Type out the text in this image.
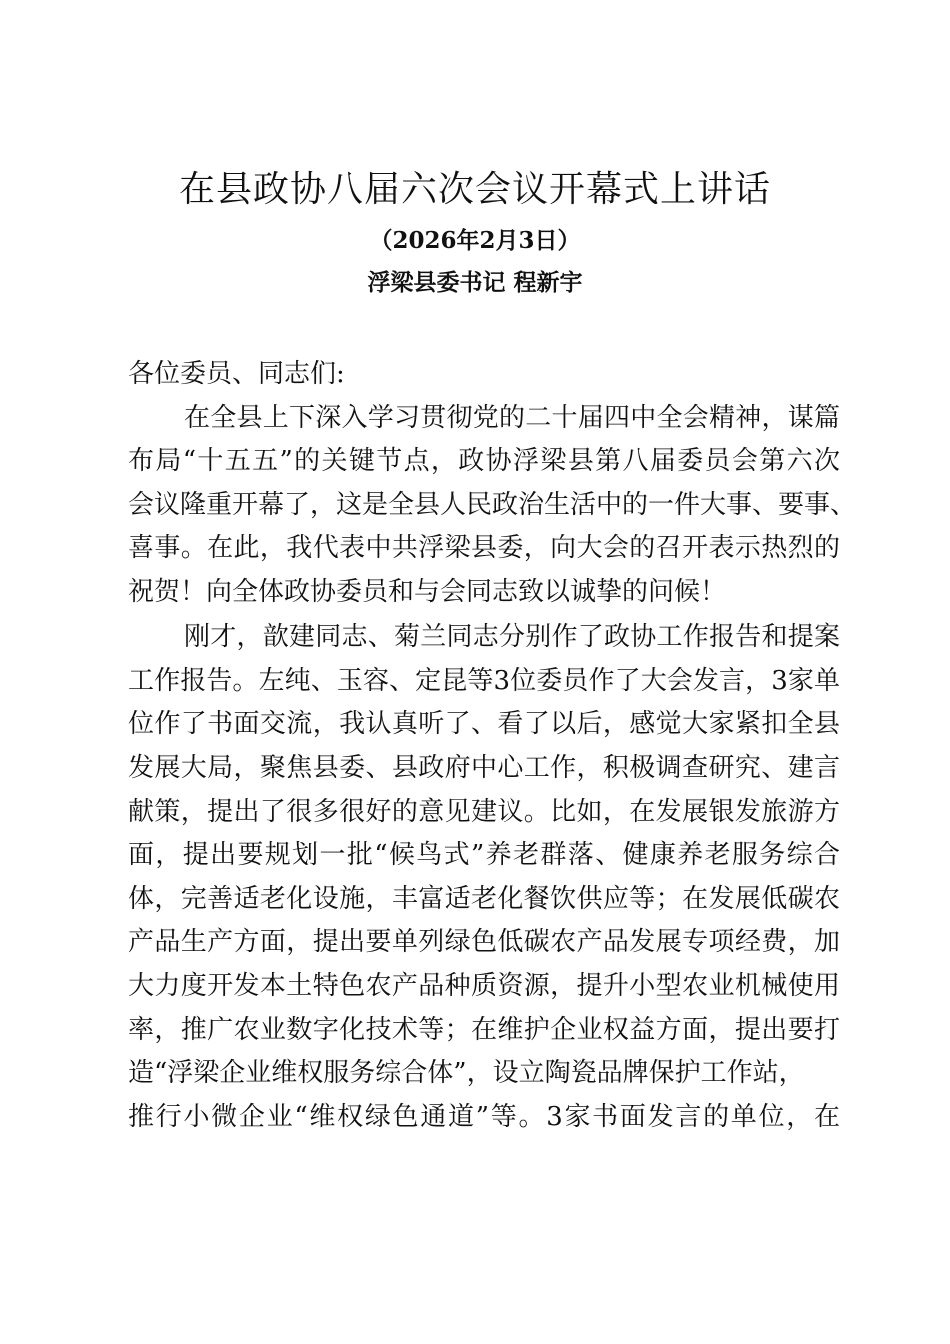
在县政协八届六次会议开幕式上讲话
（2026年2月3日）
浮梁县委书记 程新宇
各位委员、同志们:
在全县上下深入学习贯彻党的二十届四中全会精神，谋篇
布局“十五五”的关键节点，政协浮梁县第八届委员会第六次
会议隆重开幕了，这是全县人民政治生活中的一件大事、要事、
喜事。在此，我代表中共浮梁县委，向大会的召开表示热烈的
祝贺！向全体政协委员和与会同志致以诚挚的问候！
刚才，歆建同志、菊兰同志分别作了政协工作报告和提案
工作报告。左纯、玉容、定昆等3位委员作了大会发言，3家单
位作了书面交流，我认真听了、看了以后，感觉大家紧扣全县
发展大局，聚焦县委、县政府中心工作，积极调查研究、建言
献策，提出了很多很好的意见建议。比如，在发展银发旅游方
面，提出要规划一批“候鸟式”养老群落、健康养老服务综合
体，完善适老化设施，丰富适老化餐饮供应等；在发展低碳农
产品生产方面，提出要单列绿色低碳农产品发展专项经费，加
大力度开发本土特色农产品种质资源，提升小型农业机械使用
率，推广农业数字化技术等；在维护企业权益方面，提出要打
造“浮梁企业维权服务综合体”，设立陶瓷品牌保护工作站，
推行小微企业“维权绿色通道”等。3家书面发言的单位，在
